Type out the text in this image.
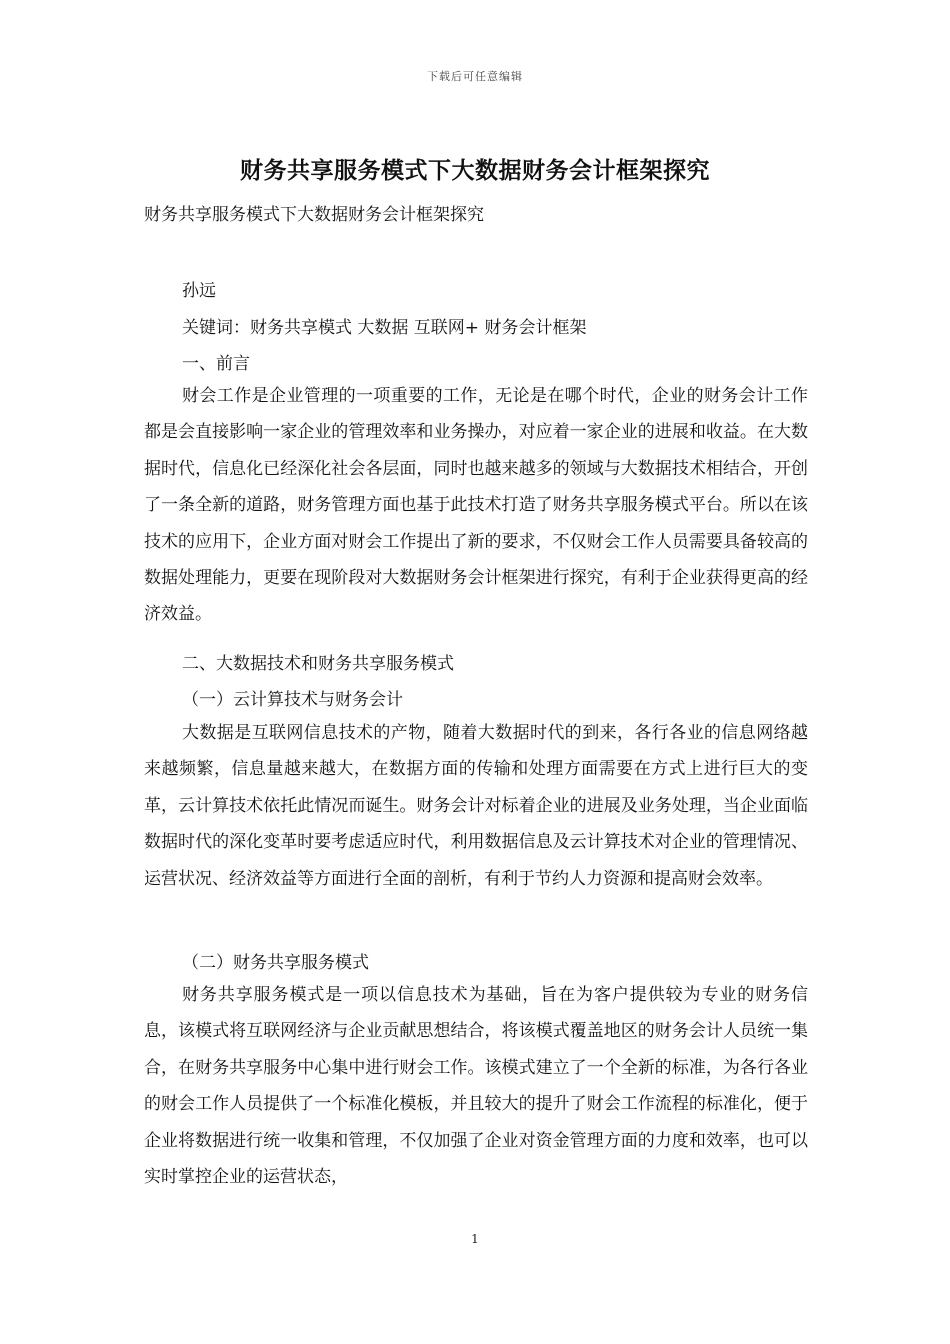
下载后可任意编辑
财务共享服务模式下大数据财务会计框架探究
财务共享服务模式下大数据财务会计框架探究
孙远
关键词：财务共享模式 大数据 互联网+ 财务会计框架
一、前言

财会工作是企业管理的一项重要的工作，无论是在哪个时代，企业的财务会计工作都是会直接影响一家企业的管理效率和业务操办，对应着一家企业的进展和收益。在大数据时代，信息化已经深化社会各层面，同时也越来越多的领域与大数据技术相结合，开创了一条全新的道路，财务管理方面也基于此技术打造了财务共享服务模式平台。所以在该技术的应用下，企业方面对财会工作提出了新的要求，不仅财会工作人员需要具备较高的数据处理能力，更要在现阶段对大数据财务会计框架进行探究，有利于企业获得更高的经济效益。

二、大数据技术和财务共享服务模式
（一）云计算技术与财务会计

大数据是互联网信息技术的产物，随着大数据时代的到来，各行各业的信息网络越来越频繁，信息量越来越大，在数据方面的传输和处理方面需要在方式上进行巨大的变革，云计算技术依托此情况而诞生。财务会计对标着企业的进展及业务处理，当企业面临数据时代的深化变革时要考虑适应时代，利用数据信息及云计算技术对企业的管理情况、运营状况、经济效益等方面进行全面的剖析，有利于节约人力资源和提高财会效率。

（二）财务共享服务模式

财务共享服务模式是一项以信息技术为基础，旨在为客户提供较为专业的财务信息，该模式将互联网经济与企业贡献思想结合，将该模式覆盖地区的财务会计人员统一集合，在财务共享服务中心集中进行财会工作。该模式建立了一个全新的标准，为各行各业的财会工作人员提供了一个标准化模板，并且较大的提升了财会工作流程的标准化，便于企业将数据进行统一收集和管理，不仅加强了企业对资金管理方面的力度和效率，也可以实时掌控企业的运营状态，

1
